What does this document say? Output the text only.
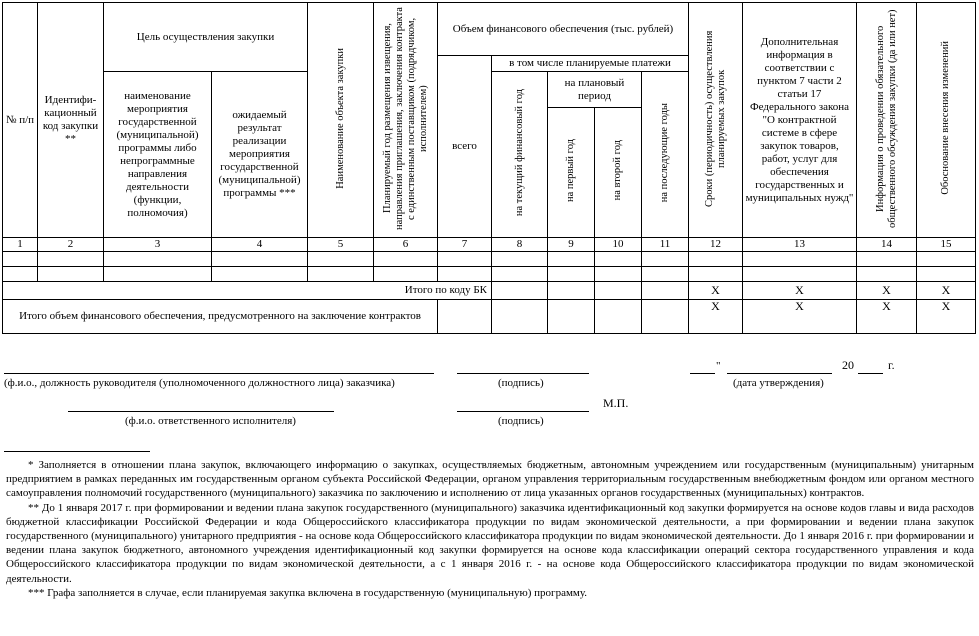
№ п/п	Идентифи-кационный код закупки **	Цель осуществления закупки		Наименование объекта закупки	Планируемый год размещения извещения, направления приглашения, заключения контракта с единственным поставщиком (подрядчиком, исполнителем)	Объем финансового обеспечения (тыс. рублей)					Сроки (периодичность) осуществления планируемых закупок	Дополнительная информация в соответствии с пунктом 7 части 2 статьи 17 Федерального закона "О контрактной системе в сфере закупок товаров, работ, услуг для обеспечения государственных и муниципальных нужд"	Информация о проведении обязательного общественного обсуждения закупки (да или нет)	Обоснование внесения изменений

						всего	в том числе планируемые платежи							
		наименование мероприятия государственной (муниципальной) программы либо непрограммные направления деятельности (функции, полномочия)	ожидаемый результат реализации мероприятия государственной (муниципальной) программы ***				на текущий финансовый год	на плановый период		на последующие годы				
								на первый год	на второй год					
1	2	3	4	5	6	7	8	9	10	11	12	13	14	15

Итого по коду БК											X	X	X	X
Итого объем финансового обеспечения, предусмотренного на заключение контрактов											X	X	X	X
(ф.и.о., должность руководителя (уполномоченного должностного лица) заказчика)	(подпись)
"	20	г.
(дата утверждения)
(ф.и.о. ответственного исполнителя)	(подпись)
М.П.

* Заполняется в отношении плана закупок, включающего информацию о закупках, осуществляемых бюджетным, автономным учреждением или государственным (муниципальным) унитарным предприятием в рамках переданных им государственным органом субъекта Российской Федерации, органом управления территориальным государственным внебюджетным фондом или органом местного самоуправления полномочий государственного (муниципального) заказчика по заключению и исполнению от лица указанных органов государственных (муниципальных) контрактов.

** До 1 января 2017 г. при формировании и ведении плана закупок государственного (муниципального) заказчика идентификационный код закупки формируется на основе кодов главы и вида расходов бюджетной классификации Российской Федерации и кода Общероссийского классификатора продукции по видам экономической деятельности, а при формировании и ведении плана закупок государственного (муниципального) унитарного предприятия - на основе кода Общероссийского классификатора продукции по видам экономической деятельности. До 1 января 2016 г. при формировании и ведении плана закупок бюджетного, автономного учреждения идентификационный код закупки формируется на основе кода классификации операций сектора государственного управления и кода Общероссийского классификатора продукции по видам экономической деятельности, а с 1 января 2016 г. - на основе кода Общероссийского классификатора продукции по видам экономической деятельности.

*** Графа заполняется в случае, если планируемая закупка включена в государственную (муниципальную) программу.
